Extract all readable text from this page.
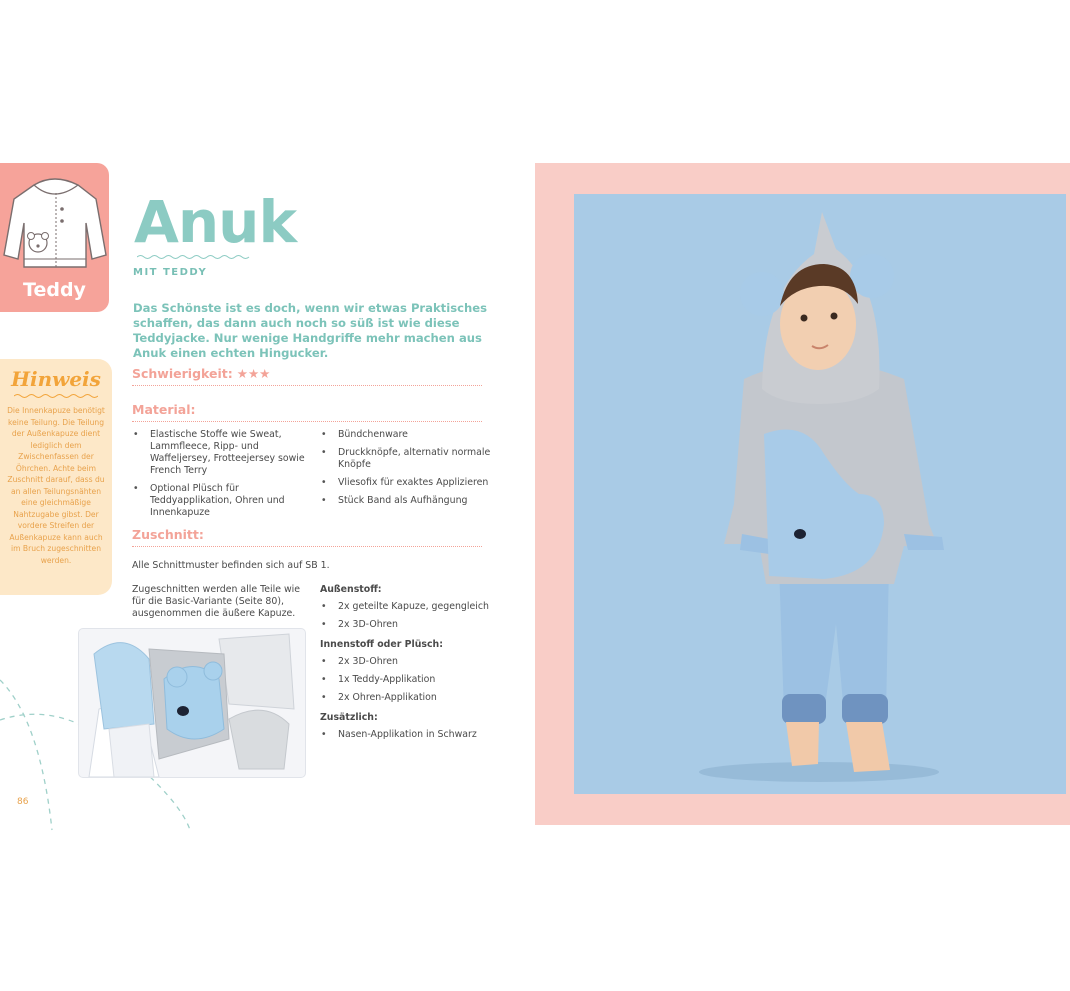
Teddy
Hinweis
Die Innenkapuze benötigt keine Teilung. Die Teilung der Außenkapuze dient lediglich dem Zwischenfassen der Öhrchen. Achte beim Zuschnitt darauf, dass du an allen Teilungsnähten eine gleichmäßige Nahtzugabe gibst. Der vordere Streifen der Außenkapuze kann auch im Bruch zugeschnitten werden.
Anuk
MIT TEDDY
Das Schönste ist es doch, wenn wir etwas Praktisches schaffen, das dann auch noch so süß ist wie diese Teddyjacke. Nur wenige Handgriffe mehr machen aus Anuk einen echten Hingucker.
Schwierigkeit: ★★★
Material:
• Elastische Stoffe wie Sweat, Lammfleece, Ripp- und Waffeljersey, Frotteejersey sowie French Terry
• Optional Plüsch für Teddyapplikation, Ohren und Innenkapuze
• Bündchenware
• Druckknöpfe, alternativ normale Knöpfe
• Vliesofix für exaktes Applizieren
• Stück Band als Aufhängung
Zuschnitt:
Alle Schnittmuster befinden sich auf SB 1.
Zugeschnitten werden alle Teile wie für die Basic-Variante (Seite 80), ausgenommen die äußere Kapuze.
Außenstoff:
• 2x geteilte Kapuze, gegengleich
• 2x 3D-Ohren
Innenstoff oder Plüsch:
• 2x 3D-Ohren
• 1x Teddy-Applikation
• 2x Ohren-Applikation
Zusätzlich:
• Nasen-Applikation in Schwarz
86
